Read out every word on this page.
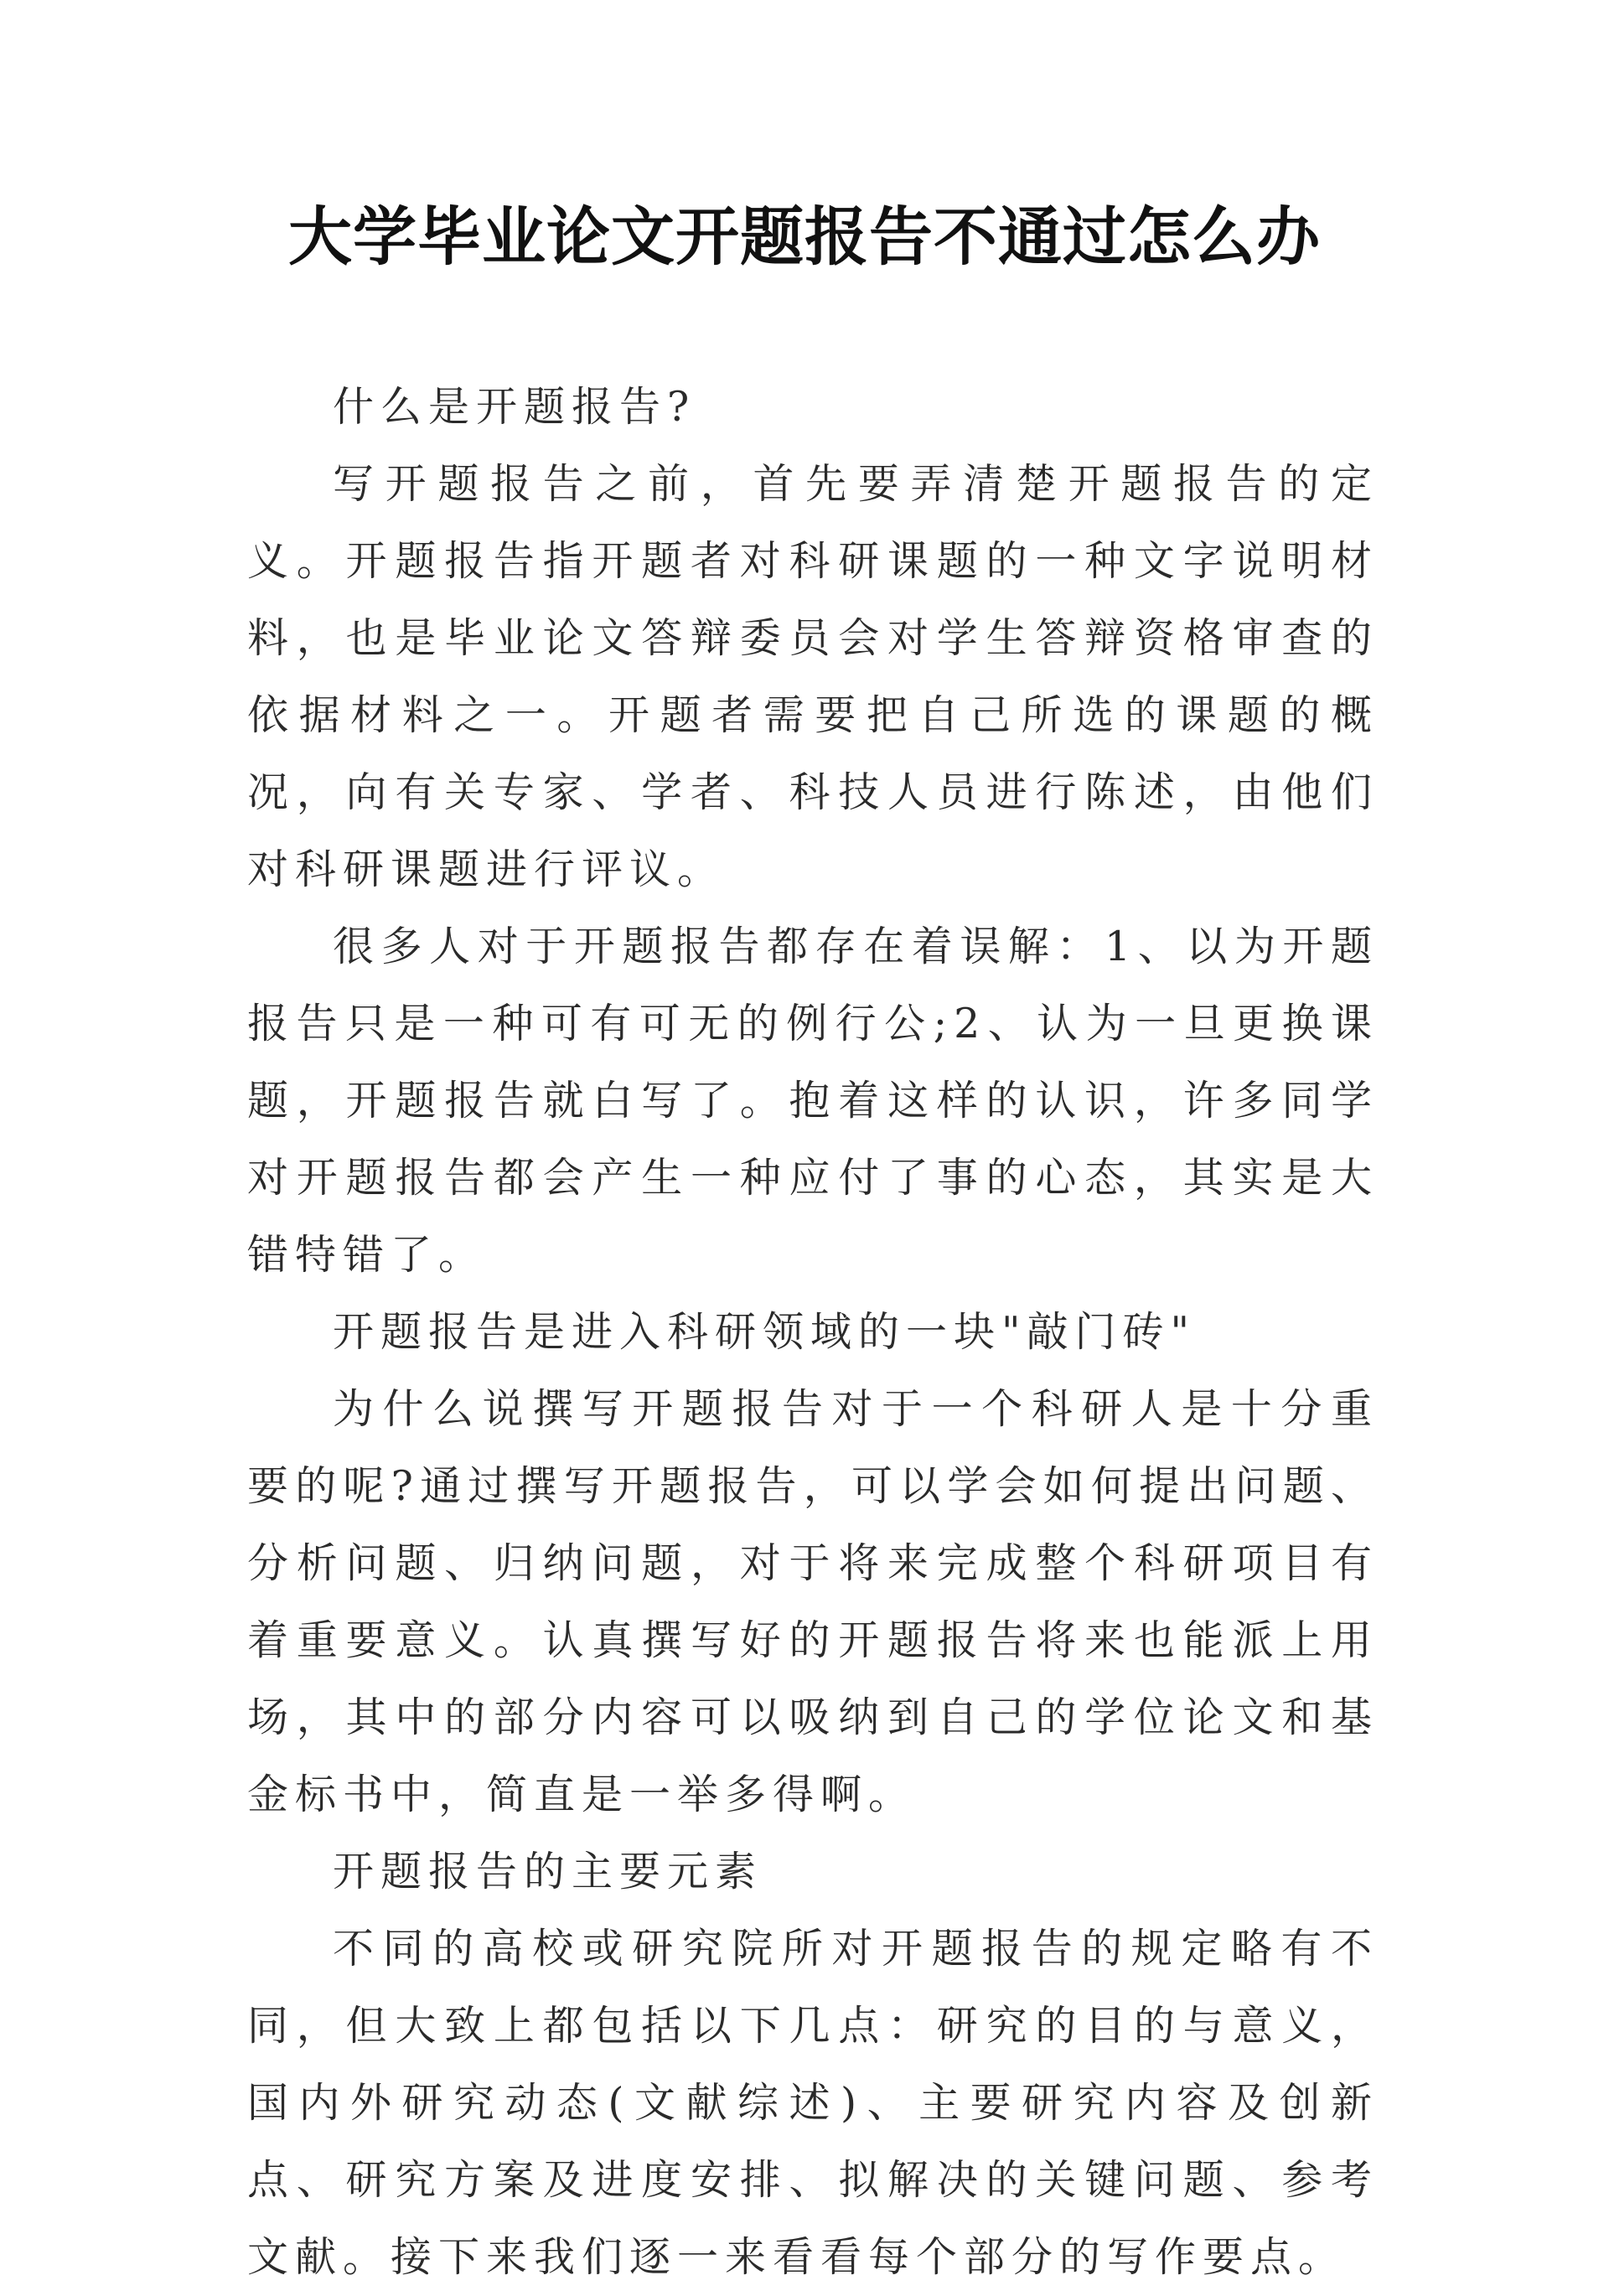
大学毕业论文开题报告不通过怎么办

什么是开题报告?

写开题报告之前，首先要弄清楚开题报告的定义。开题报告指开题者对科研课题的一种文字说明材料，也是毕业论文答辩委员会对学生答辩资格审查的依据材料之一。开题者需要把自己所选的课题的概况，向有关专家、学者、科技人员进行陈述，由他们对科研课题进行评议。

很多人对于开题报告都存在着误解：1、以为开题报告只是一种可有可无的例行公;2、认为一旦更换课题，开题报告就白写了。抱着这样的认识，许多同学对开题报告都会产生一种应付了事的心态，其实是大错特错了。

开题报告是进入科研领域的一块"敲门砖"

为什么说撰写开题报告对于一个科研人是十分重要的呢?通过撰写开题报告，可以学会如何提出问题、分析问题、归纳问题，对于将来完成整个科研项目有着重要意义。认真撰写好的开题报告将来也能派上用场，其中的部分内容可以吸纳到自己的学位论文和基金标书中，简直是一举多得啊。

开题报告的主要元素

不同的高校或研究院所对开题报告的规定略有不同，但大致上都包括以下几点：研究的目的与意义，国内外研究动态(文献综述)、主要研究内容及创新点、研究方案及进度安排、拟解决的关键问题、参考文献。接下来我们逐一来看看每个部分的写作要点。
